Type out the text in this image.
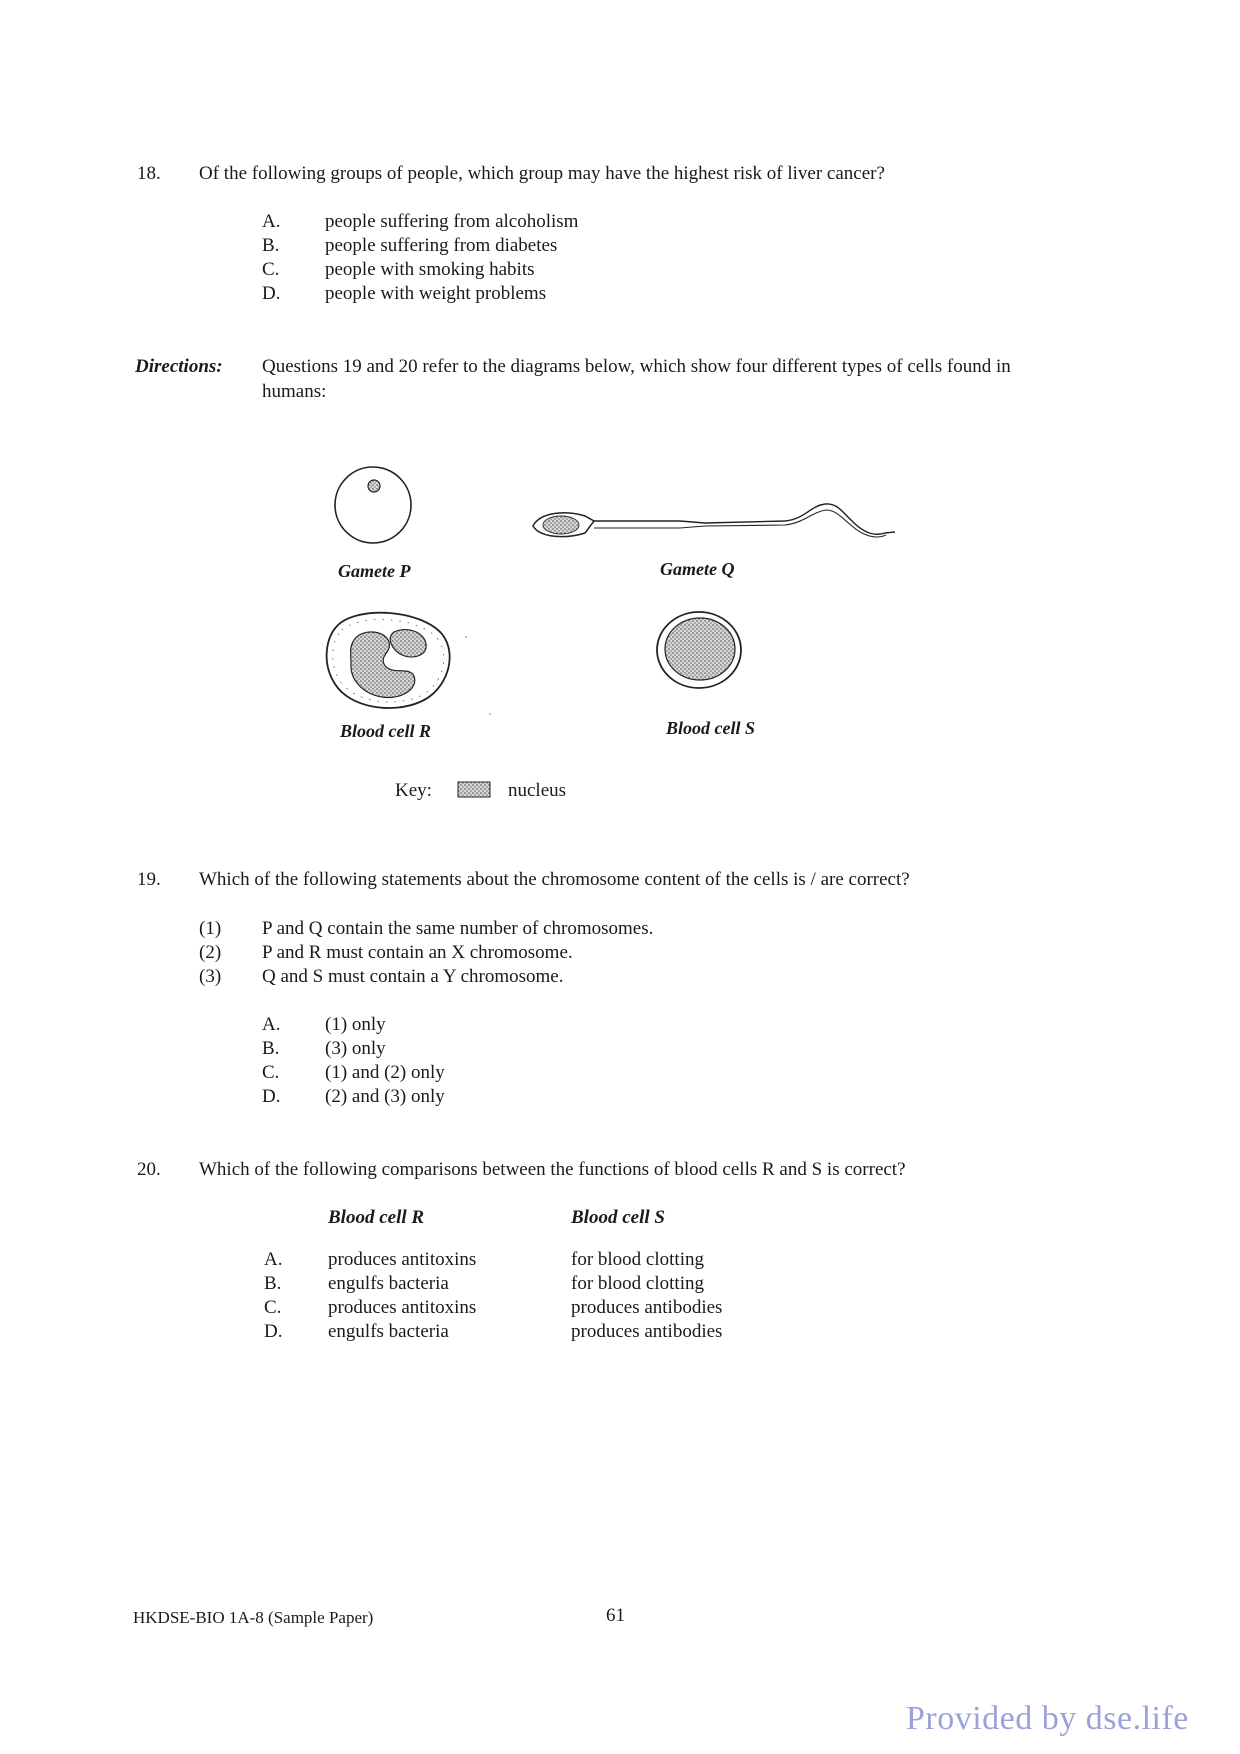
18. Of the following groups of people, which group may have the highest risk of liver cancer?
A. people suffering from alcoholism
B. people suffering from diabetes
C. people with smoking habits
D. people with weight problems
Directions: Questions 19 and 20 refer to the diagrams below, which show four different types of cells found in
humans:
Gamete P	Gamete Q
Blood cell R	Blood cell S
Key:	nucleus
19. Which of the following statements about the chromosome content of the cells is / are correct?
(1) P and Q contain the same number of chromosomes.
(2) P and R must contain an X chromosome.
(3) Q and S must contain a Y chromosome.
A. (1) only
B. (3) only
C. (1) and (2) only
D. (2) and (3) only
20. Which of the following comparisons between the functions of blood cells R and S is correct?
Blood cell R	Blood cell S
A. produces antitoxins	for blood clotting
B. engulfs bacteria	for blood clotting
C. produces antitoxins	produces antibodies
D. engulfs bacteria	produces antibodies
HKDSE-BIO 1A-8 (Sample Paper)	61
Provided by dse.life
